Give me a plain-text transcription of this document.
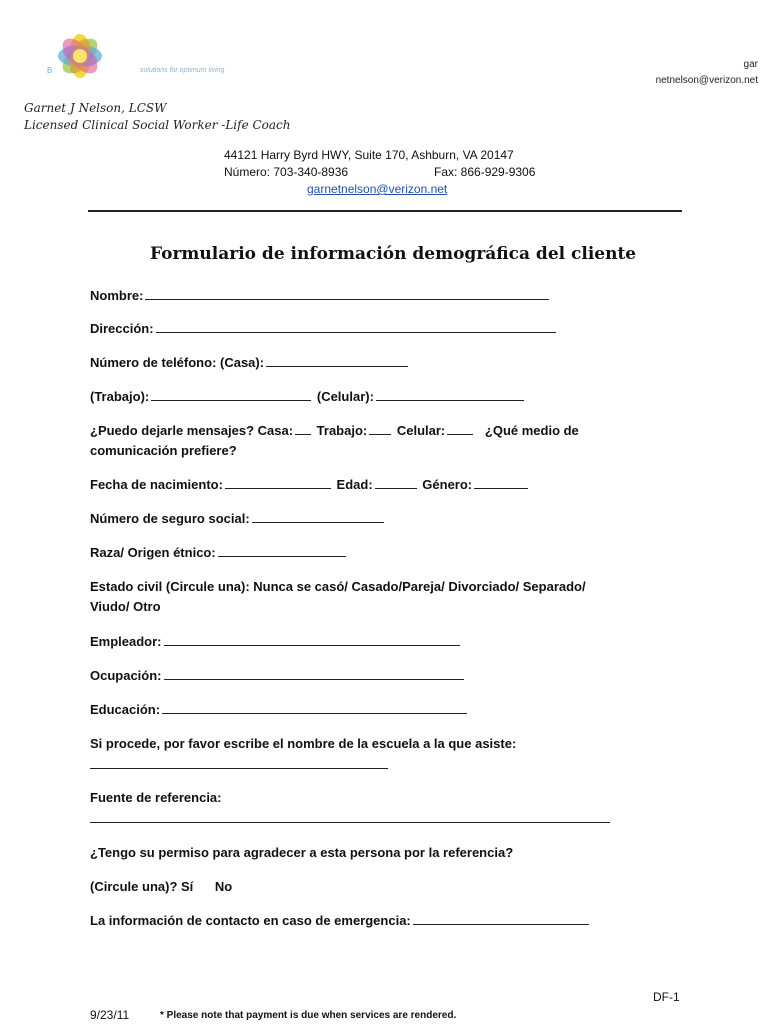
B C	solutions for optimum living
gar
netnelson@verizon.net
Garnet J Nelson, LCSW
Licensed Clinical Social Worker -Life Coach
44121 Harry Byrd HWY, Suite 170, Ashburn, VA 20147
Número: 703-340-8936	Fax: 866-929-9306
garnetnelson@verizon.net
Formulario de información demográfica del cliente
Nombre:
Dirección:
Número de teléfono: (Casa):
(Trabajo):	(Celular):
¿Puedo dejarle mensajes? Casa: Trabajo: Celular:	¿Qué medio de
comunicación prefiere?
Fecha de nacimiento:	Edad:	Género:
Número de seguro social:
Raza/ Origen étnico:
Estado civil (Circule una): Nunca se casó/ Casado/Pareja/ Divorciado/ Separado/
Viudo/ Otro
Empleador:
Ocupación:
Educación:
Si procede, por favor escribe el nombre de la escuela a la que asiste:
Fuente de referencia:
¿Tengo su permiso para agradecer a esta persona por la referencia?
(Circule una)? Sí No
La información de contacto en caso de emergencia:
DF-1
9/23/11	* Please note that payment is due when services are rendered.
